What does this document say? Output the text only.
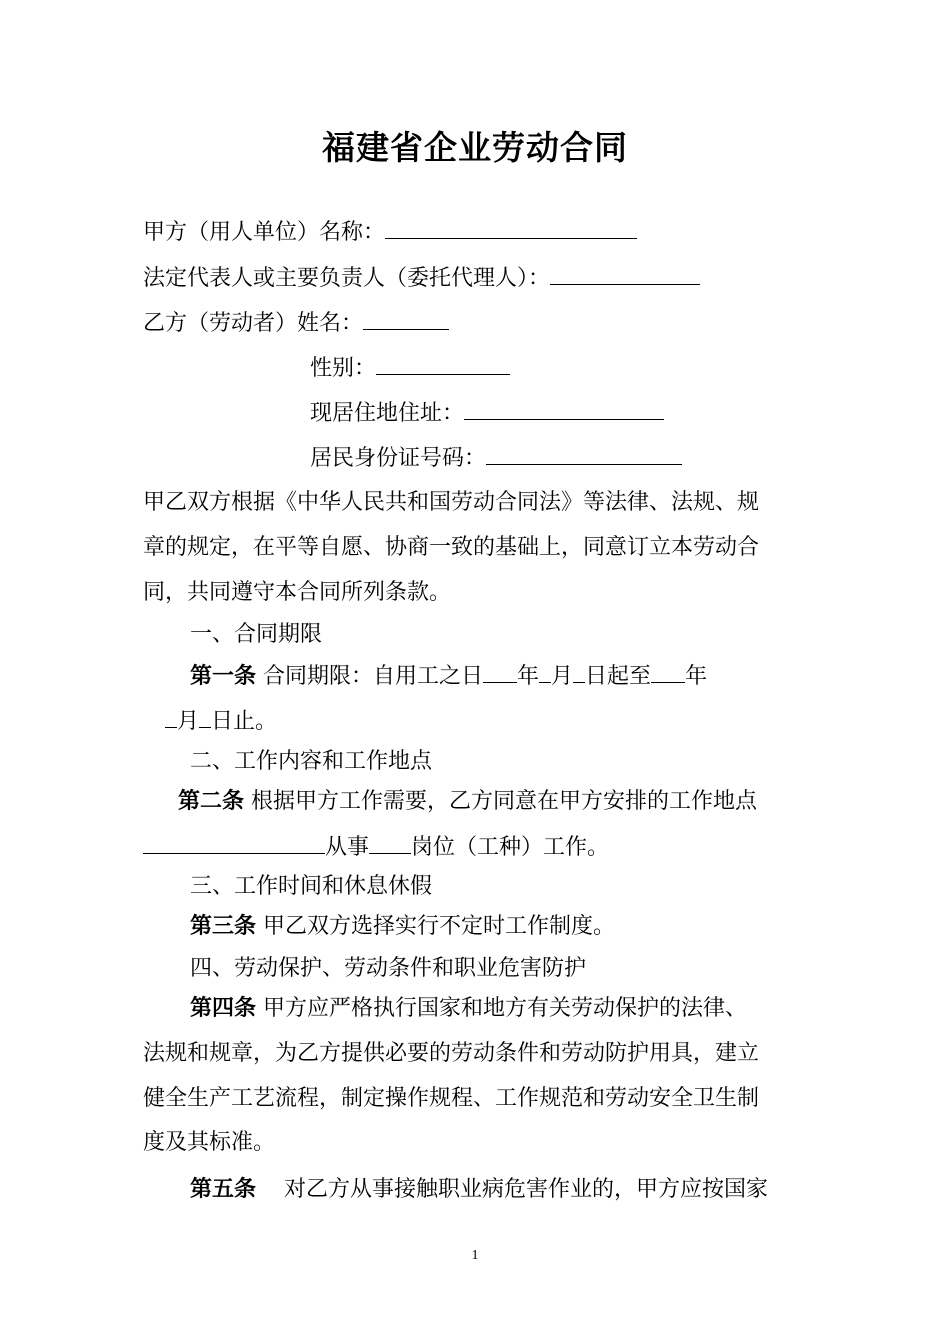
福建省企业劳动合同
甲方（用人单位）名称：
法定代表人或主要负责人（委托代理人）：
乙方（劳动者）姓名：
性别：
现居住地住址：
居民身份证号码：
甲乙双方根据《中华人民共和国劳动合同法》等法律、法规、规
章的规定，在平等自愿、协商一致的基础上，同意订立本劳动合
同，共同遵守本合同所列条款。
一、合同期限
第一条 合同期限：自用工之日 年 月 日起至 年
月 日止。
二、工作内容和工作地点
第二条 根据甲方工作需要，乙方同意在甲方安排的工作地点
从事 岗位（工种）工作。
三、工作时间和休息休假
第三条 甲乙双方选择实行不定时工作制度。
四、劳动保护、劳动条件和职业危害防护
第四条 甲方应严格执行国家和地方有关劳动保护的法律、
法规和规章，为乙方提供必要的劳动条件和劳动防护用具，建立
健全生产工艺流程，制定操作规程、工作规范和劳动安全卫生制
度及其标准。
第五条    对乙方从事接触职业病危害作业的，甲方应按国家
1
